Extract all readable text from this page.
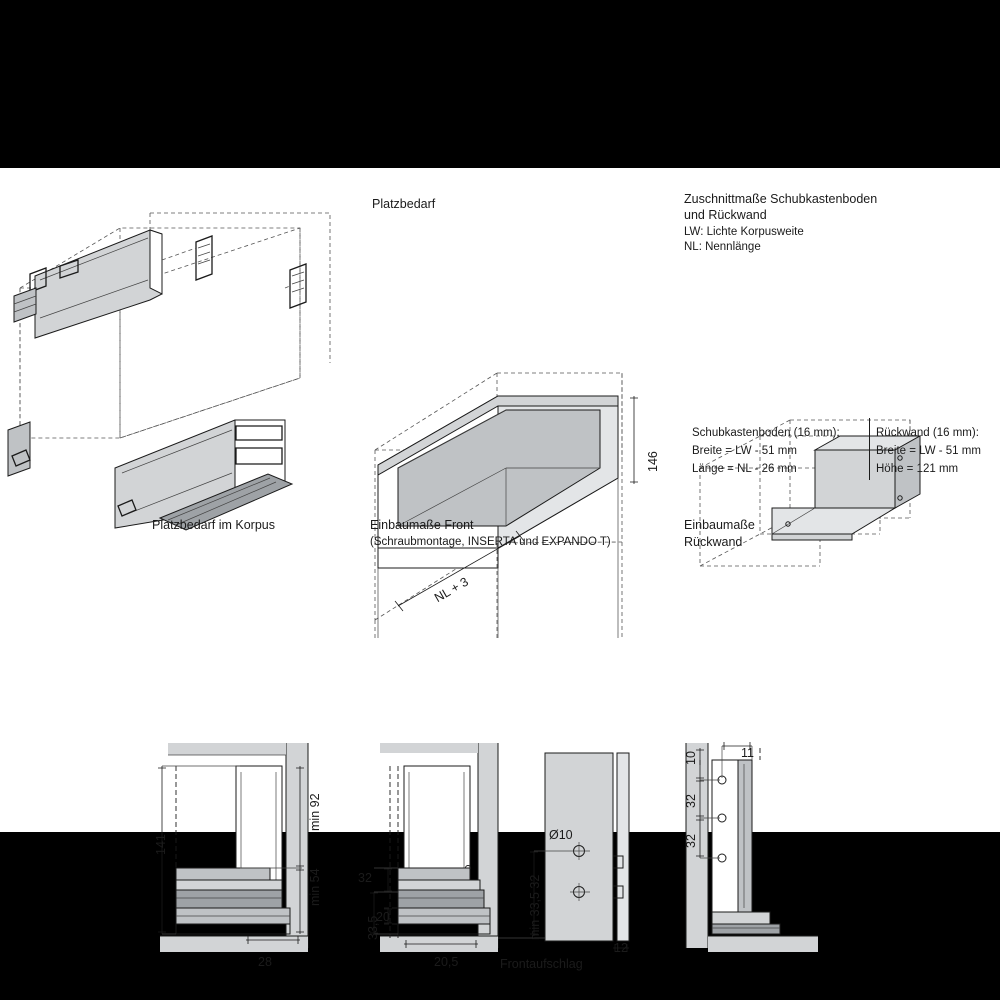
Platzbedarf	Zuschnittmaße Schubkastenboden
und Rückwand
LW: Lichte Korpusweite
NL: Nennlänge
Schubkastenboden (16 mm):
Breite = LW - 51 mm
Länge = NL - 26 mm
Rückwand (16 mm):
Breite = LW - 51 mm
Höhe = 121 mm
Platzbedarf im Korpus	Einbaumaße Front
(Schraubmontage, INSERTA und EXPANDO T)
Einbaumaße
Rückwand
146
NL + 3
141
min 92
min 54
28
32
20
33,5
20,5
min 33,5 32
Ø10
12
Frontaufschlag
10	11
32
32
